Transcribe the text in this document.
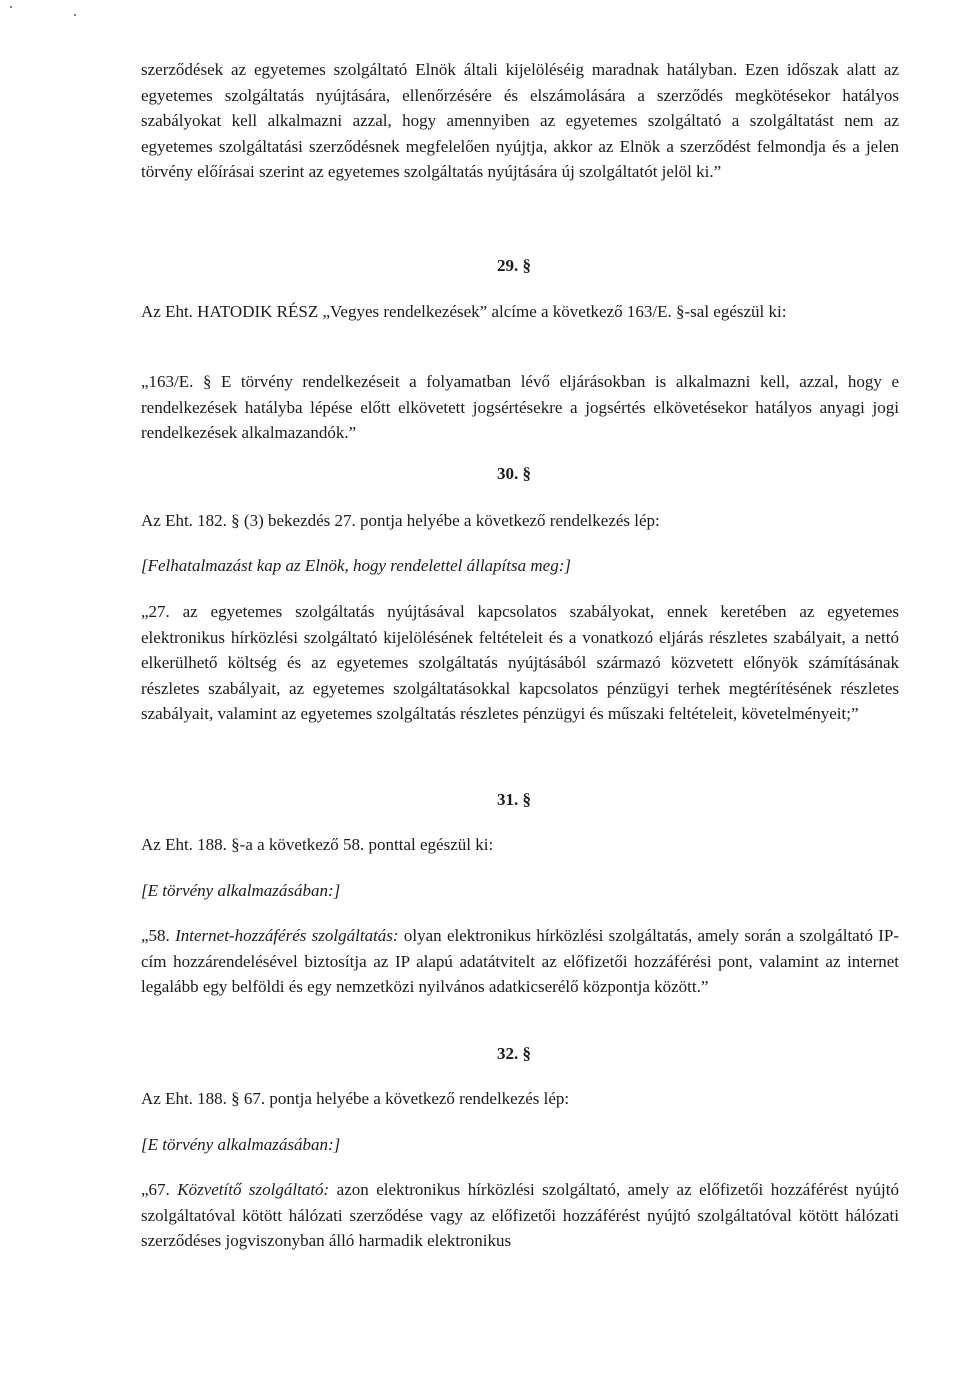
szerződések az egyetemes szolgáltató Elnök általi kijelöléséig maradnak hatályban. Ezen időszak alatt az egyetemes szolgáltatás nyújtására, ellenőrzésére és elszámolására a szerződés megkötésekor hatályos szabályokat kell alkalmazni azzal, hogy amennyiben az egyetemes szolgáltató a szolgáltatást nem az egyetemes szolgáltatási szerződésnek megfelelően nyújtja, akkor az Elnök a szerződést felmondja és a jelen törvény előírásai szerint az egyetemes szolgáltatás nyújtására új szolgáltatót jelöl ki.”
29. §
Az Eht. HATODIK RÉSZ „Vegyes rendelkezések” alcíme a következő 163/E. §-sal egészül ki:
„163/E. § E törvény rendelkezéseit a folyamatban lévő eljárásokban is alkalmazni kell, azzal, hogy e rendelkezések hatályba lépése előtt elkövetett jogsértésekre a jogsértés elkövetésekor hatályos anyagi jogi rendelkezések alkalmazandók.”
30. §
Az Eht. 182. § (3) bekezdés 27. pontja helyébe a következő rendelkezés lép:
[Felhatalmazást kap az Elnök, hogy rendelettel állapítsa meg:]
„27. az egyetemes szolgáltatás nyújtásával kapcsolatos szabályokat, ennek keretében az egyetemes elektronikus hírközlési szolgáltató kijelölésének feltételeit és a vonatkozó eljárás részletes szabályait, a nettó elkerülhető költség és az egyetemes szolgáltatás nyújtásából származó közvetett előnyök számításának részletes szabályait, az egyetemes szolgáltatásokkal kapcsolatos pénzügyi terhek megtérítésének részletes szabályait, valamint az egyetemes szolgáltatás részletes pénzügyi és műszaki feltételeit, követelményeit;”
31. §
Az Eht. 188. §-a a következő 58. ponttal egészül ki:
[E törvény alkalmazásában:]
„58. Internet-hozzáférés szolgáltatás: olyan elektronikus hírközlési szolgáltatás, amely során a szolgáltató IP-cím hozzárendelésével biztosítja az IP alapú adatátvitelt az előfizetői hozzáférési pont, valamint az internet legalább egy belföldi és egy nemzetközi nyilvános adatkicserélő központja között.”
32. §
Az Eht. 188. § 67. pontja helyébe a következő rendelkezés lép:
[E törvény alkalmazásában:]
„67. Közvetítő szolgáltató: azon elektronikus hírközlési szolgáltató, amely az előfizetői hozzáférést nyújtó szolgáltatóval kötött hálózati szerződése vagy az előfizetői hozzáférést nyújtó szolgáltatóval kötött hálózati szerződéses jogviszonyban álló harmadik elektronikus
